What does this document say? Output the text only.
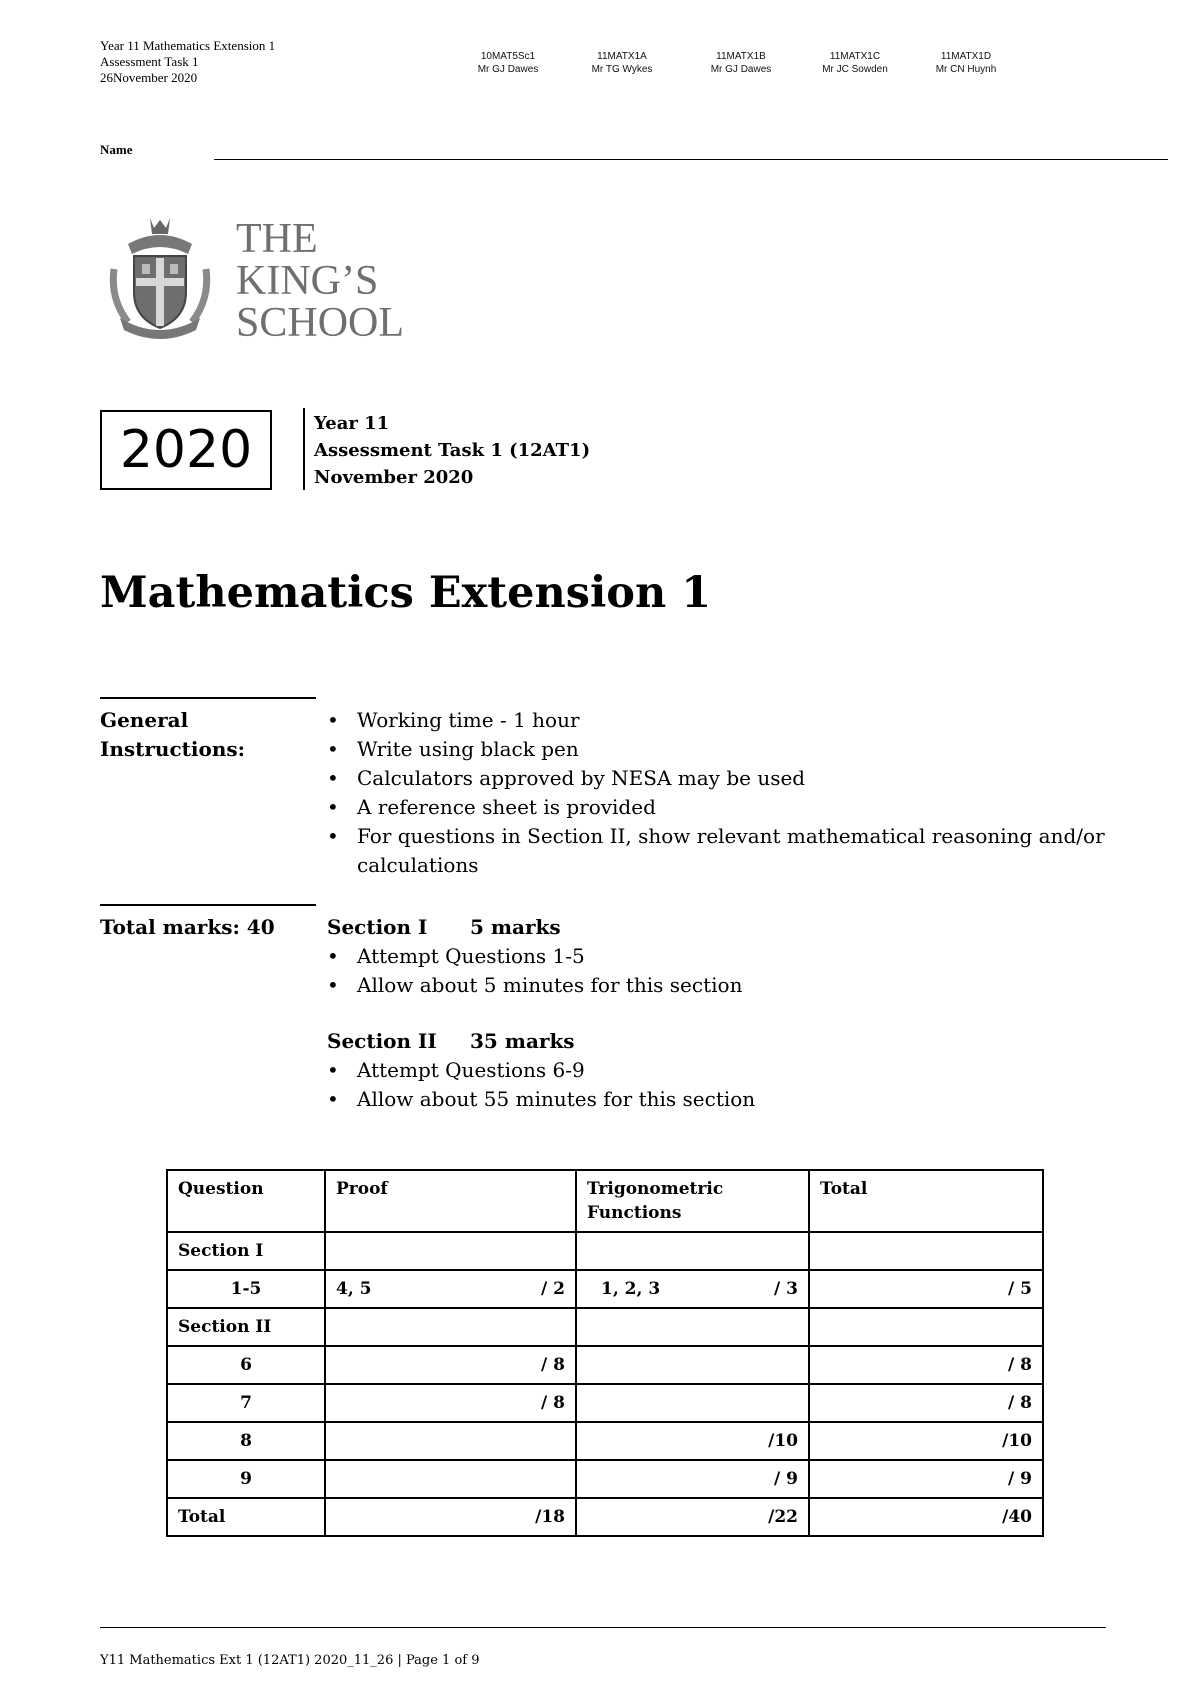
Year 11 Mathematics Extension 1
Assessment Task 1
26November 2020
10MAT5Sc1
Mr GJ Dawes
11MATX1A
Mr TG Wykes
11MATX1B
Mr GJ Dawes
11MATX1C
Mr JC Sowden
11MATX1D
Mr CN Huynh
Name
THE
KING’S
SCHOOL
2020	Year 11
Assessment Task 1 (12AT1)
November 2020
Mathematics Extension 1
General
Instructions:
• Working time - 1 hour
• Write using black pen
• Calculators approved by NESA may be used
• A reference sheet is provided
• For questions in Section II, show relevant mathematical reasoning and/or calculations
Total marks: 40	Section I 5 marks
• Attempt Questions 1-5
• Allow about 5 minutes for this section
Section II 35 marks
• Attempt Questions 6-9
• Allow about 55 minutes for this section
Question	Proof	Trigonometric Functions	Total
Section I			
1-5	4, 5 / 2	1, 2, 3 / 3	/ 5
Section II			
6	/ 8		/ 8
7	/ 8		/ 8
8		/10	/10
9		/ 9	/ 9
Total	/18	/22	/40
Y11 Mathematics Ext 1 (12AT1) 2020_11_26 | Page 1 of 9
